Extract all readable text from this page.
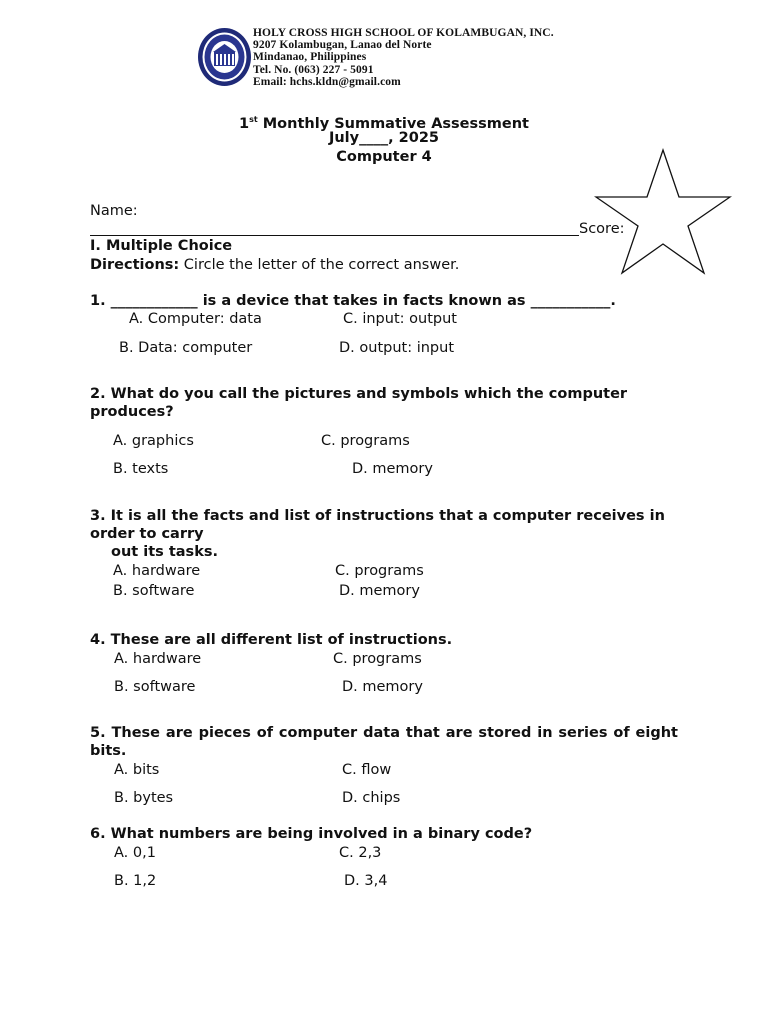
HOLY CROSS HIGH SCHOOL OF KOLAMBUGAN, INC.
9207 Kolambugan, Lanao del Norte
Mindanao, Philippines
Tel. No. (063) 227 - 5091
Email: hchs.kldn@gmail.com
1st Monthly Summative Assessment
July____, 2025
Computer 4
Name:
Score:
I. Multiple Choice
Directions: Circle the letter of the correct answer.
1. ____________ is a device that takes in facts known as ___________.
A. Computer: data	C. input: output
B. Data: computer	D. output: input
2. What do you call the pictures and symbols which the computer produces?
A. graphics	C. programs
B. texts	D. memory
3. It is all the facts and list of instructions that a computer receives in order to carry
out its tasks.
A. hardware	C. programs
B. software	D. memory
4. These are all different list of instructions.
A. hardware	C. programs
B. software	D. memory
5. These are pieces of computer data that are stored in series of eight bits.
A. bits	C. flow
B. bytes	D. chips
6. What numbers are being involved in a binary code?
A. 0,1	C. 2,3
B. 1,2	D. 3,4
